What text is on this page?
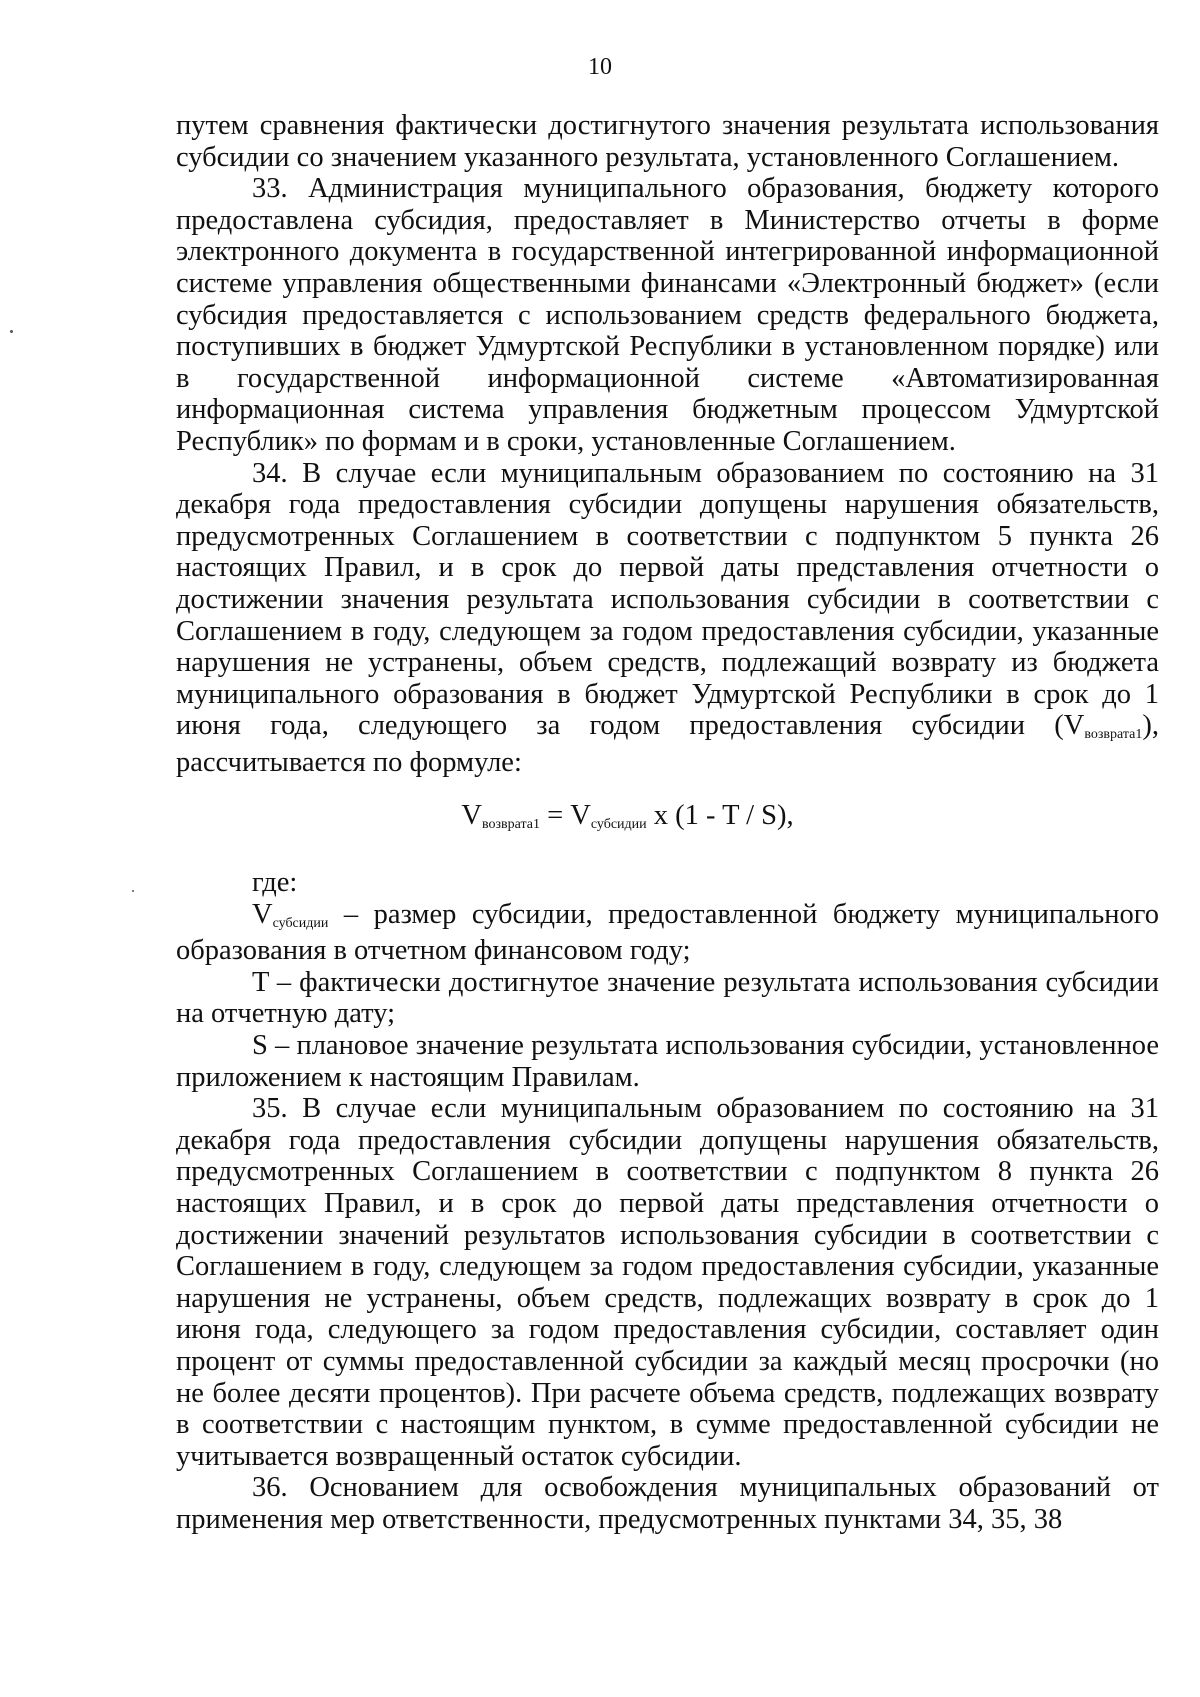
10

путем сравнения фактически достигнутого значения результата использования субсидии со значением указанного результата, установленного Соглашением.

33. Администрация муниципального образования, бюджету которого предоставлена субсидия, предоставляет в Министерство отчеты в форме электронного документа в государственной интегрированной информационной системе управления общественными финансами «Электронный бюджет» (если субсидия предоставляется с использованием средств федерального бюджета, поступивших в бюджет Удмуртской Республики в установленном порядке) или в государственной информационной системе «Автоматизированная информационная система управления бюджетным процессом Удмуртской Республик» по формам и в сроки, установленные Соглашением.

34. В случае если муниципальным образованием по состоянию на 31 декабря года предоставления субсидии допущены нарушения обязательств, предусмотренных Соглашением в соответствии с подпунктом 5 пункта 26 настоящих Правил, и в срок до первой даты представления отчетности о достижении значения результата использования субсидии в соответствии с Соглашением в году, следующем за годом предоставления субсидии, указанные нарушения не устранены, объем средств, подлежащий возврату из бюджета муниципального образования в бюджет Удмуртской Республики в срок до 1 июня года, следующего за годом предоставления субсидии $(V_{возврата1})$, рассчитывается по формуле:

$V_{возврата1} = V_{субсидии}$ x (1 - T / S),

где:

$V_{субсидии}$ – размер субсидии, предоставленной бюджету муниципального образования в отчетном финансовом году;

T – фактически достигнутое значение результата использования субсидии на отчетную дату;

S – плановое значение результата использования субсидии, установленное приложением к настоящим Правилам.

35. В случае если муниципальным образованием по состоянию на 31 декабря года предоставления субсидии допущены нарушения обязательств, предусмотренных Соглашением в соответствии с подпунктом 8 пункта 26 настоящих Правил, и в срок до первой даты представления отчетности о достижении значений результатов использования субсидии в соответствии с Соглашением в году, следующем за годом предоставления субсидии, указанные нарушения не устранены, объем средств, подлежащих возврату в срок до 1 июня года, следующего за годом предоставления субсидии, составляет один процент от суммы предоставленной субсидии за каждый месяц просрочки (но не более десяти процентов). При расчете объема средств, подлежащих возврату в соответствии с настоящим пунктом, в сумме предоставленной субсидии не учитывается возвращенный остаток субсидии.

36. Основанием для освобождения муниципальных образований от применения мер ответственности, предусмотренных пунктами 34, 35, 38
